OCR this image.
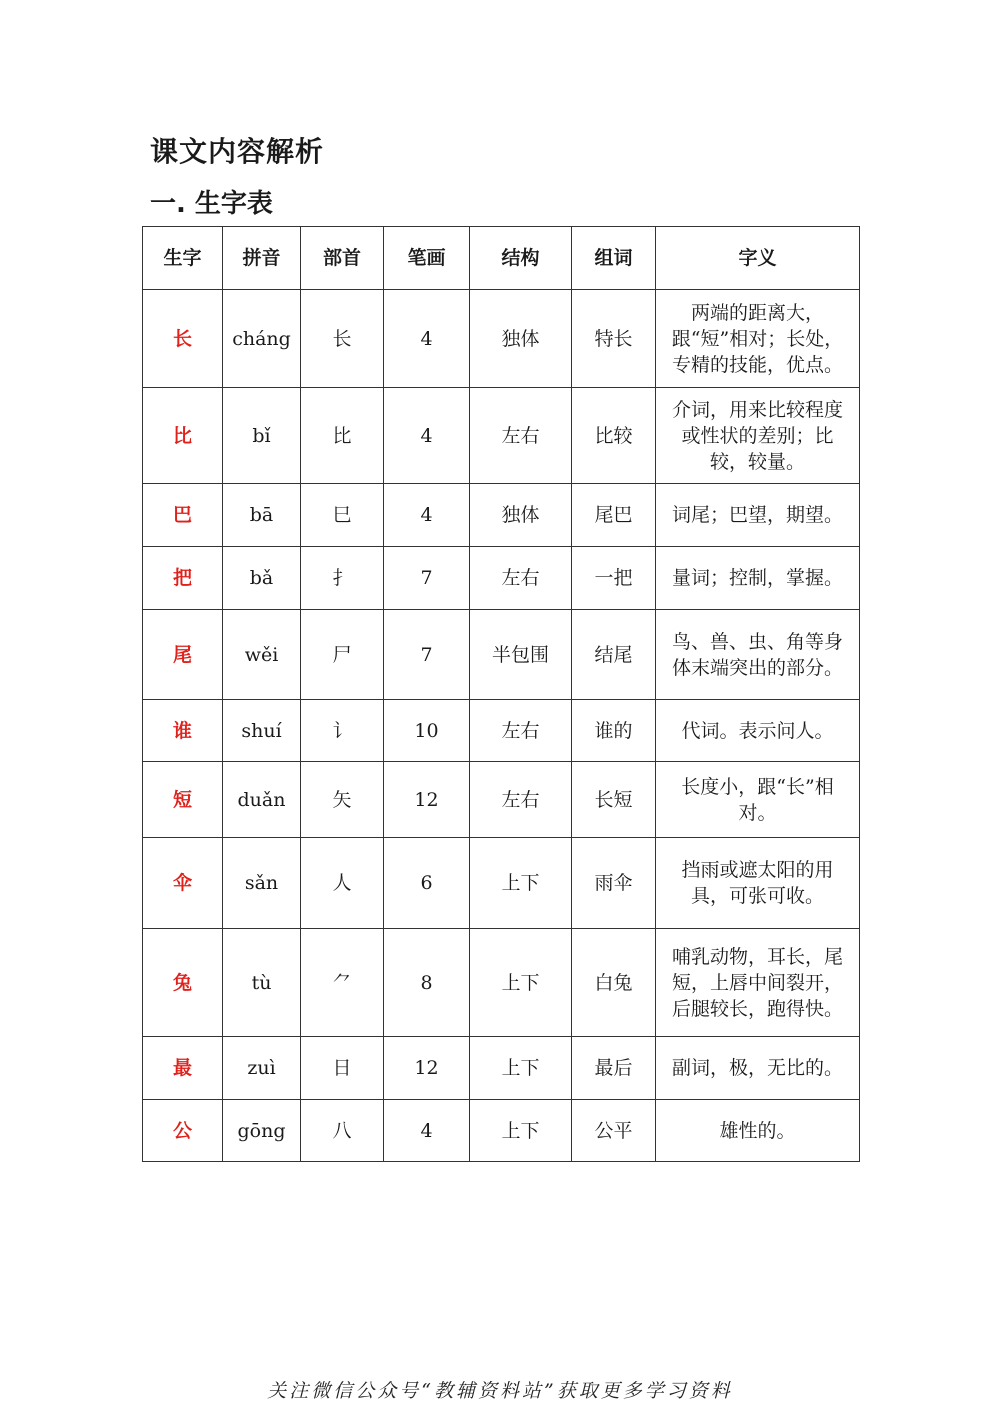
课文内容解析
一. 生字表
生字	拼音	部首	笔画	结构	组词	字义
长	cháng	长	4	独体	特长	两端的距离大，跟“短”相对；长处，专精的技能，优点。
比	bǐ	比	4	左右	比较	介词，用来比较程度或性状的差别；比较，较量。
巴	bā	巳	4	独体	尾巴	词尾；巴望，期望。
把	bǎ	扌	7	左右	一把	量词；控制，掌握。
尾	wěi	尸	7	半包围	结尾	鸟、兽、虫、角等身体末端突出的部分。
谁	shuí	讠	10	左右	谁的	代词。表示问人。
短	duǎn	矢	12	左右	长短	长度小，跟“长”相对。
伞	sǎn	人	6	上下	雨伞	挡雨或遮太阳的用具，可张可收。
兔	tù	⺈	8	上下	白兔	哺乳动物，耳长，尾短，上唇中间裂开，后腿较长，跑得快。
最	zuì	日	12	上下	最后	副词，极，无比的。
公	gōng	八	4	上下	公平	雄性的。
关注微信公众号“教辅资料站”获取更多学习资料
